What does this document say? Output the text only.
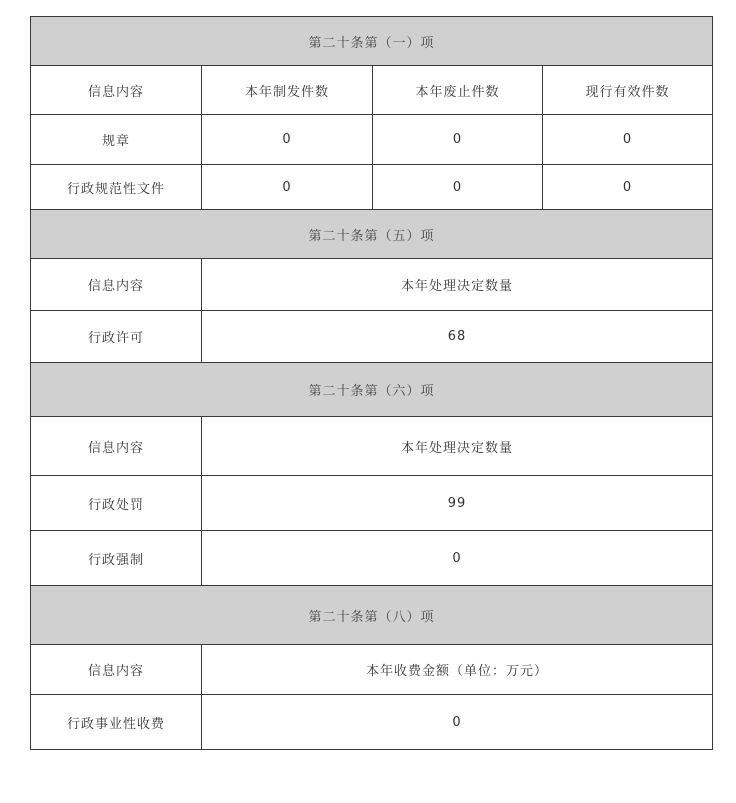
第二十条第（一）项			
信息内容	本年制发件数	本年废止件数	现行有效件数
规章	0	0	0
行政规范性文件	0	0	0
第二十条第（五）项			
信息内容	本年处理决定数量		
行政许可	68		
第二十条第（六）项			
信息内容	本年处理决定数量		
行政处罚	99		
行政强制	0		
第二十条第（八）项			
信息内容	本年收费金额（单位：万元）		
行政事业性收费	0		
